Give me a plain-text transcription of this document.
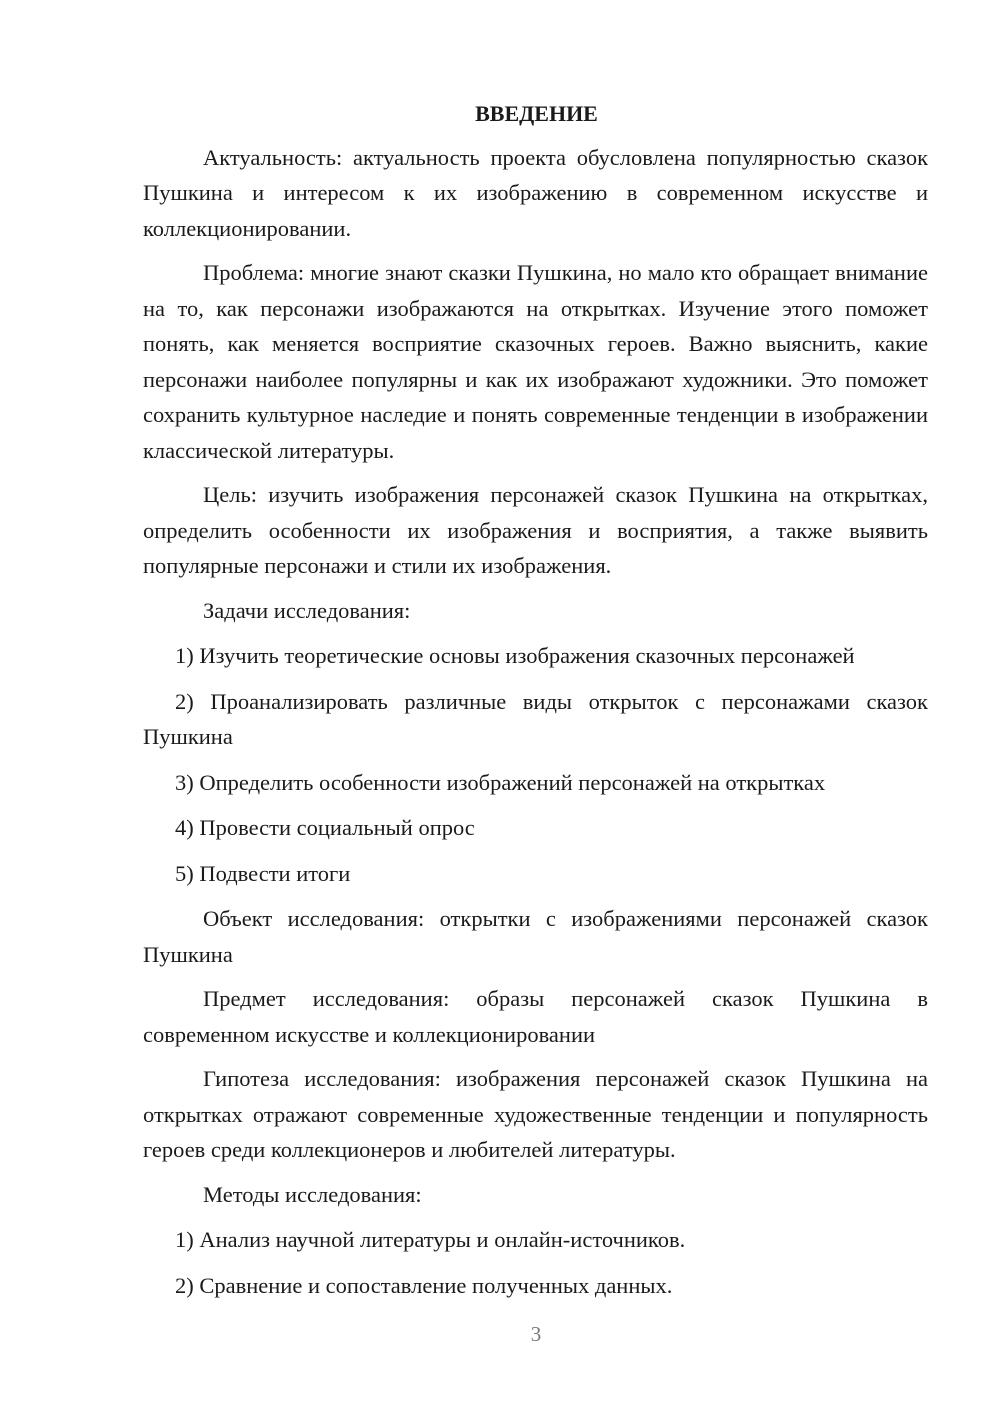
ВВЕДЕНИЕ

Актуальность: актуальность проекта обусловлена популярностью сказок Пушкина и интересом к их изображению в современном искусстве и коллекционировании.

Проблема: многие знают сказки Пушкина, но мало кто обращает внимание на то, как персонажи изображаются на открытках. Изучение этого поможет понять, как меняется восприятие сказочных героев. Важно выяснить, какие персонажи наиболее популярны и как их изображают художники. Это поможет сохранить культурное наследие и понять современные тенденции в изображении классической литературы.

Цель: изучить изображения персонажей сказок Пушкина на открытках, определить особенности их изображения и восприятия, а также выявить популярные персонажи и стили их изображения.

Задачи исследования:

1) Изучить теоретические основы изображения сказочных персонажей
2) Проанализировать различные виды открыток с персонажами сказок Пушкина
3) Определить особенности изображений персонажей на открытках
4) Провести социальный опрос
5) Подвести итоги

Объект исследования: открытки с изображениями персонажей сказок Пушкина

Предмет исследования: образы персонажей сказок Пушкина в современном искусстве и коллекционировании

Гипотеза исследования: изображения персонажей сказок Пушкина на открытках отражают современные художественные тенденции и популярность героев среди коллекционеров и любителей литературы.

Методы исследования:

1) Анализ научной литературы и онлайн-источников.
2) Сравнение и сопоставление полученных данных.
3
